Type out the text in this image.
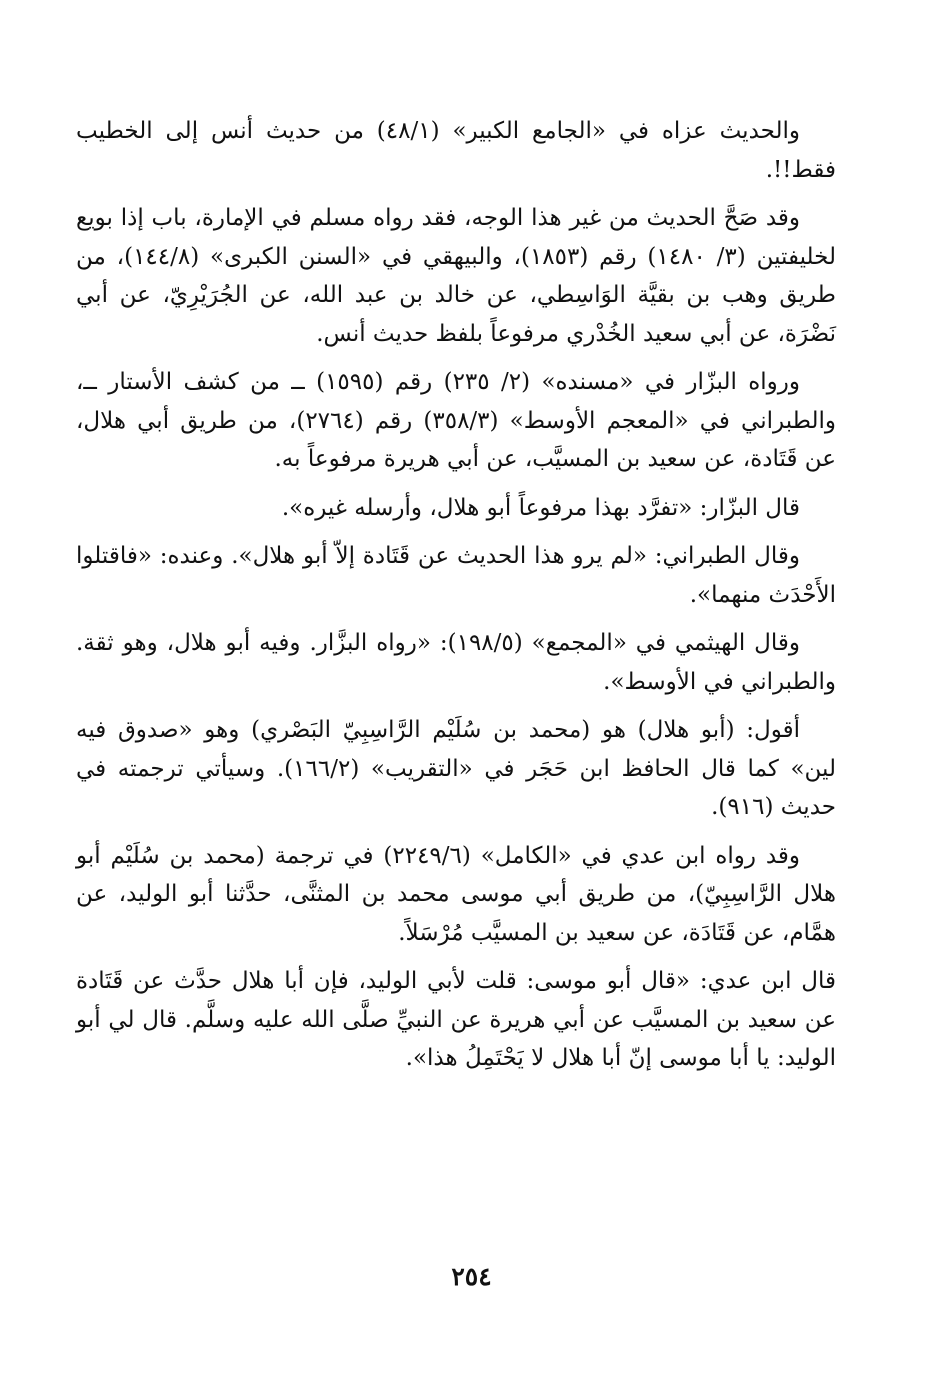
والحديث عزاه في «الجامع الكبير» (٤٨/١) من حديث أنس إلى الخطيب فقط!!.

وقد صَحَّ الحديث من غير هذا الوجه، فقد رواه مسلم في الإمارة، باب إذا بويع لخليفتين (٣/ ١٤٨٠) رقم (١٨٥٣)، والبيهقي في «السنن الكبرى» (١٤٤/٨)، من طريق وهب بن بقيَّة الوَاسِطي، عن خالد بن عبد الله، عن الجُرَيْرِيّ، عن أبي نَضْرَة، عن أبي سعيد الخُدْري مرفوعاً بلفظ حديث أنس.

ورواه البزّار في «مسنده» (٢/ ٢٣٥) رقم (١٥٩٥) ــ من كشف الأستار ــ، والطبراني في «المعجم الأوسط» (٣٥٨/٣) رقم (٢٧٦٤)، من طريق أبي هلال، عن قَتَادة، عن سعيد بن المسيَّب، عن أبي هريرة مرفوعاً به.

قال البزّار: «تفرَّد بهذا مرفوعاً أبو هلال، وأرسله غيره».

وقال الطبراني: «لم يرو هذا الحديث عن قَتَادة إلاّ أبو هلال». وعنده: «فاقتلوا الأَحْدَث منهما».

وقال الهيثمي في «المجمع» (١٩٨/٥): «رواه البزَّار. وفيه أبو هلال، وهو ثقة. والطبراني في الأوسط».

أقول: (أبو هلال) هو (محمد بن سُلَيْم الرَّاسِبِيّ البَصْري) وهو «صدوق فيه لين» كما قال الحافظ ابن حَجَر في «التقريب» (١٦٦/٢). وسيأتي ترجمته في حديث (٩١٦).

وقد رواه ابن عدي في «الكامل» (٢٢٤٩/٦) في ترجمة (محمد بن سُلَيْم أبو هلال الرَّاسِبِيّ)، من طريق أبي موسى محمد بن المثنَّى، حدَّثنا أبو الوليد، عن همَّام، عن قَتَادَة، عن سعيد بن المسيَّب مُرْسَلاً.

قال ابن عدي: «قال أبو موسى: قلت لأبي الوليد، فإن أبا هلال حدَّث عن قَتَادة عن سعيد بن المسيَّب عن أبي هريرة عن النبيِّ صلَّى الله عليه وسلَّم. قال لي أبو الوليد: يا أبا موسى إنّ أبا هلال لا يَحْتَمِلُ هذا».

٢٥٤
